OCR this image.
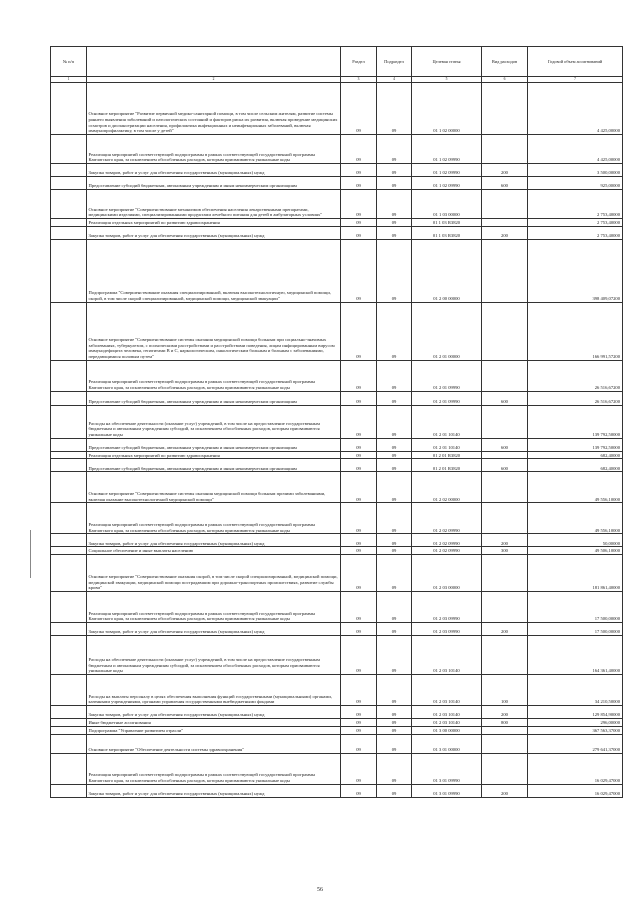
№ п/п		Раздел	Подраздел	Целевая статья	Вид расходов	Годовой объем ассигнований
1	2	3	4	5	6	7
	Основное мероприятие "Развитие первичной медико-санитарной помощи, в том числе сельским жителям, развитие системы раннего выявления заболеваний и патологических состояний и факторов риска их развития, включая проведение медицинских осмотров и диспансеризации населения, профилактика инфекционных и неинфекционных заболеваний, включая иммунопрофилактику, в том числе у детей"	09	09	01 1 02 00000		4 425,00000
	Реализация мероприятий соответствующей подпрограммы в рамках соответствующей государственной программы Камчатского края, за исключением обособленных расходов, которым присваиваются уникальные коды	09	09	01 1 02 09990		4 425,00000
	Закупка товаров, работ и услуг для обеспечения государственных (муниципальных) нужд	09	09	01 1 02 09990	200	3 500,00000
	Предоставление субсидий бюджетным, автономным учреждениям и иным некоммерческим организациям	09	09	01 1 02 09990	600	925,00000
	Основное мероприятие "Совершенствование механизмов обеспечения населения лекарственными препаратами, медицинскими изделиями, специализированными продуктами лечебного питания для детей в амбулаторных условиях"	09	09	01 1 03 00000		2 753,40000
	Реализация отдельных мероприятий по развитию здравоохранения	09	09	01 1 03 R3820		2 753,40000
	Закупка товаров, работ и услуг для обеспечения государственных (муниципальных) нужд	09	09	01 1 03 R3820	200	2 753,40000
	Подпрограмма "Совершенствование оказания специализированной, включая высокотехнологичную, медицинской помощи, скорой, в том числе скорой специализированной, медицинской помощи, медицинской эвакуации"	09	09	01 2 00 00000		398 409,07200
	Основное мероприятие "Совершенствование системы оказания медицинской помощи больным при социально-значимых заболеваниях, туберкулезом, с психическими расстройствами и расстройствами поведения, лицам инфицированным вирусом иммунодефицита человека, гепатитами B и C, наркологическим, онкологическим больным и больным с заболеваниями, передающимися половым путем"	09	09	01 2 01 00000		166 991,57200
	Реализация мероприятий соответствующей подпрограммы в рамках соответствующей государственной программы Камчатского края, за исключением обособленных расходов, которым присваиваются уникальные коды	09	09	01 2 01 09990		26 516,67200
	Предоставление субсидий бюджетным, автономным учреждениям и иным некоммерческим организациям	09	09	01 2 01 09990	600	26 516,67200
	Расходы на обеспечение деятельности (оказание услуг) учреждений, в том числе на предоставление государственным бюджетным и автономным учреждениям субсидий, за исключением обособленных расходов, которым присваиваются уникальные коды	09	09	01 2 01 10140		139 792,50000
	Предоставление субсидий бюджетным, автономным учреждениям и иным некоммерческим организациям	09	09	01 2 01 10140	600	139 792,50000
	Реализация отдельных мероприятий по развитию здравоохранения	09	09	01 2 01 R3820		682,40000
	Предоставление субсидий бюджетным, автономным учреждениям и иным некоммерческим организациям	09	09	01 2 01 R3820	600	682,40000
	Основное мероприятие "Совершенствование системы оказания медицинской помощи больным прочими заболеваниями, включая оказание высокотехнологичной медицинской помощи"	09	09	01 2 02 00000		49 556,10000
	Реализация мероприятий соответствующей подпрограммы в рамках соответствующей государственной программы Камчатского края, за исключением обособленных расходов, которым присваиваются уникальные коды	09	09	01 2 02 09990		49 556,10000
	Закупка товаров, работ и услуг для обеспечения государственных (муниципальных) нужд	09	09	01 2 02 09990	200	50,00000
	Социальное обеспечение и иные выплаты населению	09	09	01 2 02 09990	300	49 506,10000
	Основное мероприятие "Совершенствование оказания скорой, в том числе скорой специализированной, медицинской помощи, медицинской эвакуации, медицинской помощи пострадавшим при дорожно-транспортных происшествиях, развитие службы крови"	09	09	01 2 03 00000		181 861,40000
	Реализация мероприятий соответствующей подпрограммы в рамках соответствующей государственной программы Камчатского края, за исключением обособленных расходов, которым присваиваются уникальные коды	09	09	01 2 03 09990		17 500,00000
	Закупка товаров, работ и услуг для обеспечения государственных (муниципальных) нужд	09	09	01 2 03 09990	200	17 500,00000
	Расходы на обеспечение деятельности (оказание услуг) учреждений, в том числе на предоставление государственным бюджетным и автономным учреждениям субсидий, за исключением обособленных расходов, которым присваиваются уникальные коды	09	09	01 2 03 10140		164 361,40000
	Расходы на выплаты персоналу в целях обеспечения выполнения функций государственными (муниципальными) органами, казенными учреждениями, органами управления государственными внебюджетными фондами	09	09	01 2 03 10140	100	34 210,50000
	Закупка товаров, работ и услуг для обеспечения государственных (муниципальных) нужд	09	09	01 2 03 10140	200	129 854,90000
	Иные бюджетные ассигнования	09	09	01 2 03 10140	800	296,00000
	Подпрограмма "Управление развитием отрасли"	09	09	01 3 00 00000		367 563,37000
	Основное мероприятие "Обеспечение деятельности системы здравоохранения"	09	09	01 3 01 00000		279 641,37000
	Реализация мероприятий соответствующей подпрограммы в рамках соответствующей государственной программы Камчатского края, за исключением обособленных расходов, которым присваиваются уникальные коды	09	09	01 3 01 09990		16 029,47000
	Закупка товаров, работ и услуг для обеспечения государственных (муниципальных) нужд	09	09	01 3 01 09990	200	16 029,47000
56
